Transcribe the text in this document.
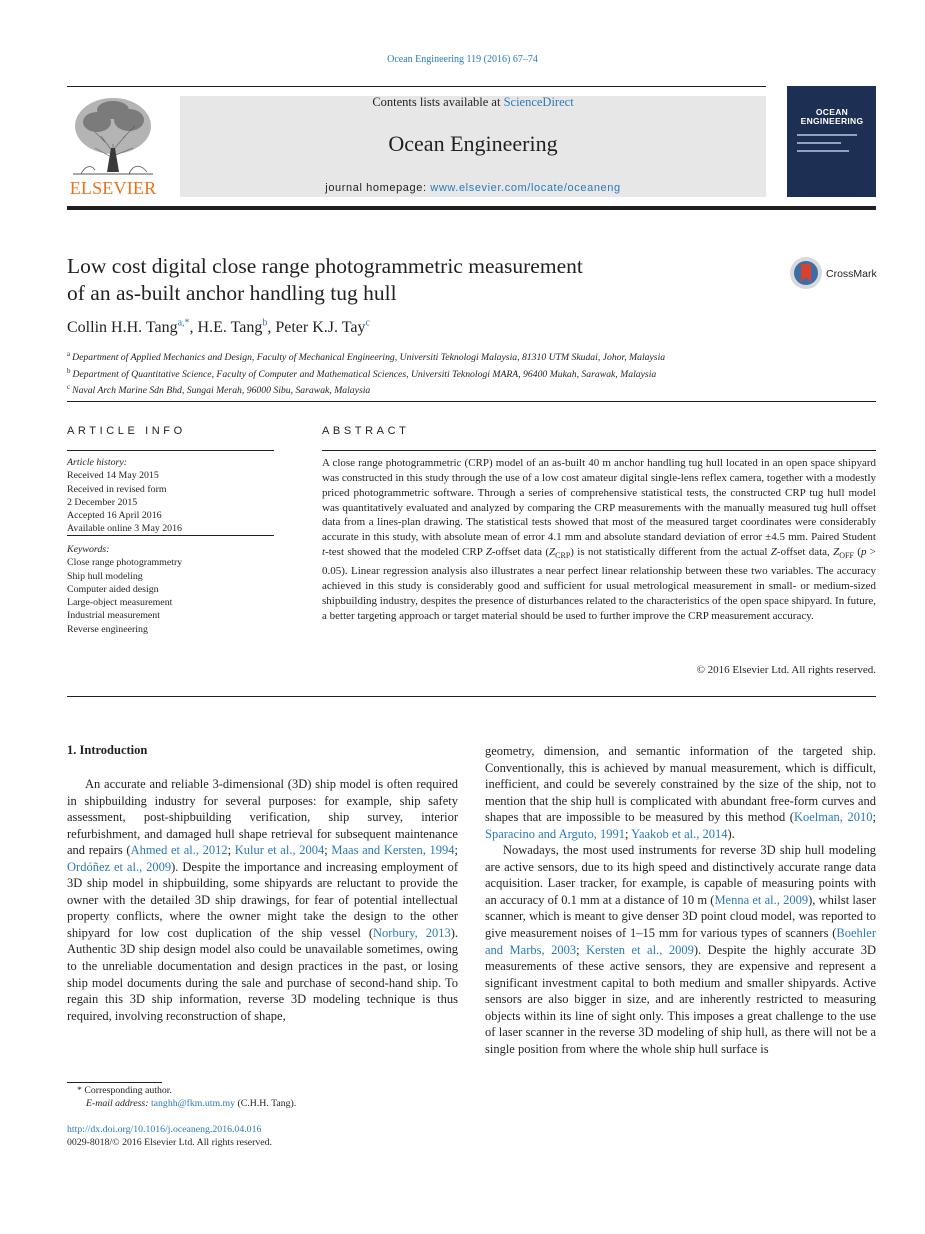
Ocean Engineering 119 (2016) 67–74
ELSEVIER
Contents lists available at ScienceDirect
Ocean Engineering
journal homepage: www.elsevier.com/locate/oceaneng
OCEAN ENGINEERING
Low cost digital close range photogrammetric measurement
of an as-built anchor handling tug hull
CrossMark
Collin H.H. Tang$^{a,*}$, H.E. Tang$^b$, Peter K.J. Tay$^c$
$^a$ Department of Applied Mechanics and Design, Faculty of Mechanical Engineering, Universiti Teknologi Malaysia, 81310 UTM Skudai, Johor, Malaysia
$^b$ Department of Quantitative Science, Faculty of Computer and Mathematical Sciences, Universiti Teknologi MARA, 96400 Mukah, Sarawak, Malaysia
$^c$ Naval Arch Marine Sdn Bhd, Sungai Merah, 96000 Sibu, Sarawak, Malaysia
ARTICLE INFO
Article history:
Received 14 May 2015
Received in revised form
2 December 2015
Accepted 16 April 2016
Available online 3 May 2016
Keywords:
Close range photogrammetry
Ship hull modeling
Computer aided design
Large-object measurement
Industrial measurement
Reverse engineering
ABSTRACT
A close range photogrammetric (CRP) model of an as-built 40 m anchor handling tug hull located in an open space shipyard was constructed in this study through the use of a low cost amateur digital single-lens reflex camera, together with a modestly priced photogrammetric software. Through a series of comprehensive statistical tests, the constructed CRP tug hull model was quantitatively evaluated and analyzed by comparing the CRP measurements with the manually measured tug hull offset data from a lines-plan drawing. The statistical tests showed that most of the measured target coordinates were considerably accurate in this study, with absolute mean of error 4.1 mm and absolute standard deviation of error ±4.5 mm. Paired Student t-test showed that the modeled CRP Z-offset data $(Z_{CRP})$ is not statistically different from the actual Z-offset data, $Z_{OFF}$ (p > 0.05). Linear regression analysis also illustrates a near perfect linear relationship between these two variables. The accuracy achieved in this study is considerably good and sufficient for usual metrological measurement in small- or medium-sized shipbuilding industry, despites the presence of disturbances related to the characteristics of the open space shipyard. In future, a better targeting approach or target material should be used to further improve the CRP measurement accuracy.
© 2016 Elsevier Ltd. All rights reserved.
1. Introduction

An accurate and reliable 3-dimensional (3D) ship model is often required in shipbuilding industry for several purposes: for example, ship safety assessment, post-shipbuilding verification, ship survey, interior refurbishment, and damaged hull shape retrieval for subsequent maintenance and repairs (Ahmed et al., 2012; Kulur et al., 2004; Maas and Kersten, 1994; Ordóñez et al., 2009). Despite the importance and increasing employment of 3D ship model in shipbuilding, some shipyards are reluctant to provide the owner with the detailed 3D ship drawings, for fear of potential intellectual property conflicts, where the owner might take the design to the other shipyard for low cost duplication of the ship vessel (Norbury, 2013). Authentic 3D ship design model also could be unavailable sometimes, owing to the unreliable documentation and design practices in the past, or losing ship model documents during the sale and purchase of second-hand ship. To regain this 3D ship information, reverse 3D modeling technique is thus required, involving reconstruction of shape,

geometry, dimension, and semantic information of the targeted ship. Conventionally, this is achieved by manual measurement, which is difficult, inefficient, and could be severely constrained by the size of the ship, not to mention that the ship hull is complicated with abundant free-form curves and shapes that are impossible to be measured by this method (Koelman, 2010; Sparacino and Arguto, 1991; Yaakob et al., 2014).

Nowadays, the most used instruments for reverse 3D ship hull modeling are active sensors, due to its high speed and distinctively accurate range data acquisition. Laser tracker, for example, is capable of measuring points with an accuracy of 0.1 mm at a distance of 10 m (Menna et al., 2009), whilst laser scanner, which is meant to give denser 3D point cloud model, was reported to give measurement noises of 1–15 mm for various types of scanners (Boehler and Marbs, 2003; Kersten et al., 2009). Despite the highly accurate 3D measurements of these active sensors, they are expensive and represent a significant investment capital to both medium and smaller shipyards. Active sensors are also bigger in size, and are inherently restricted to measuring objects within its line of sight only. This imposes a great challenge to the use of laser scanner in the reverse 3D modeling of ship hull, as there will not be a single position from where the whole ship hull surface is

* Corresponding author.
E-mail address: tanghh@fkm.utm.my (C.H.H. Tang).
http://dx.doi.org/10.1016/j.oceaneng.2016.04.016
0029-8018/© 2016 Elsevier Ltd. All rights reserved.
